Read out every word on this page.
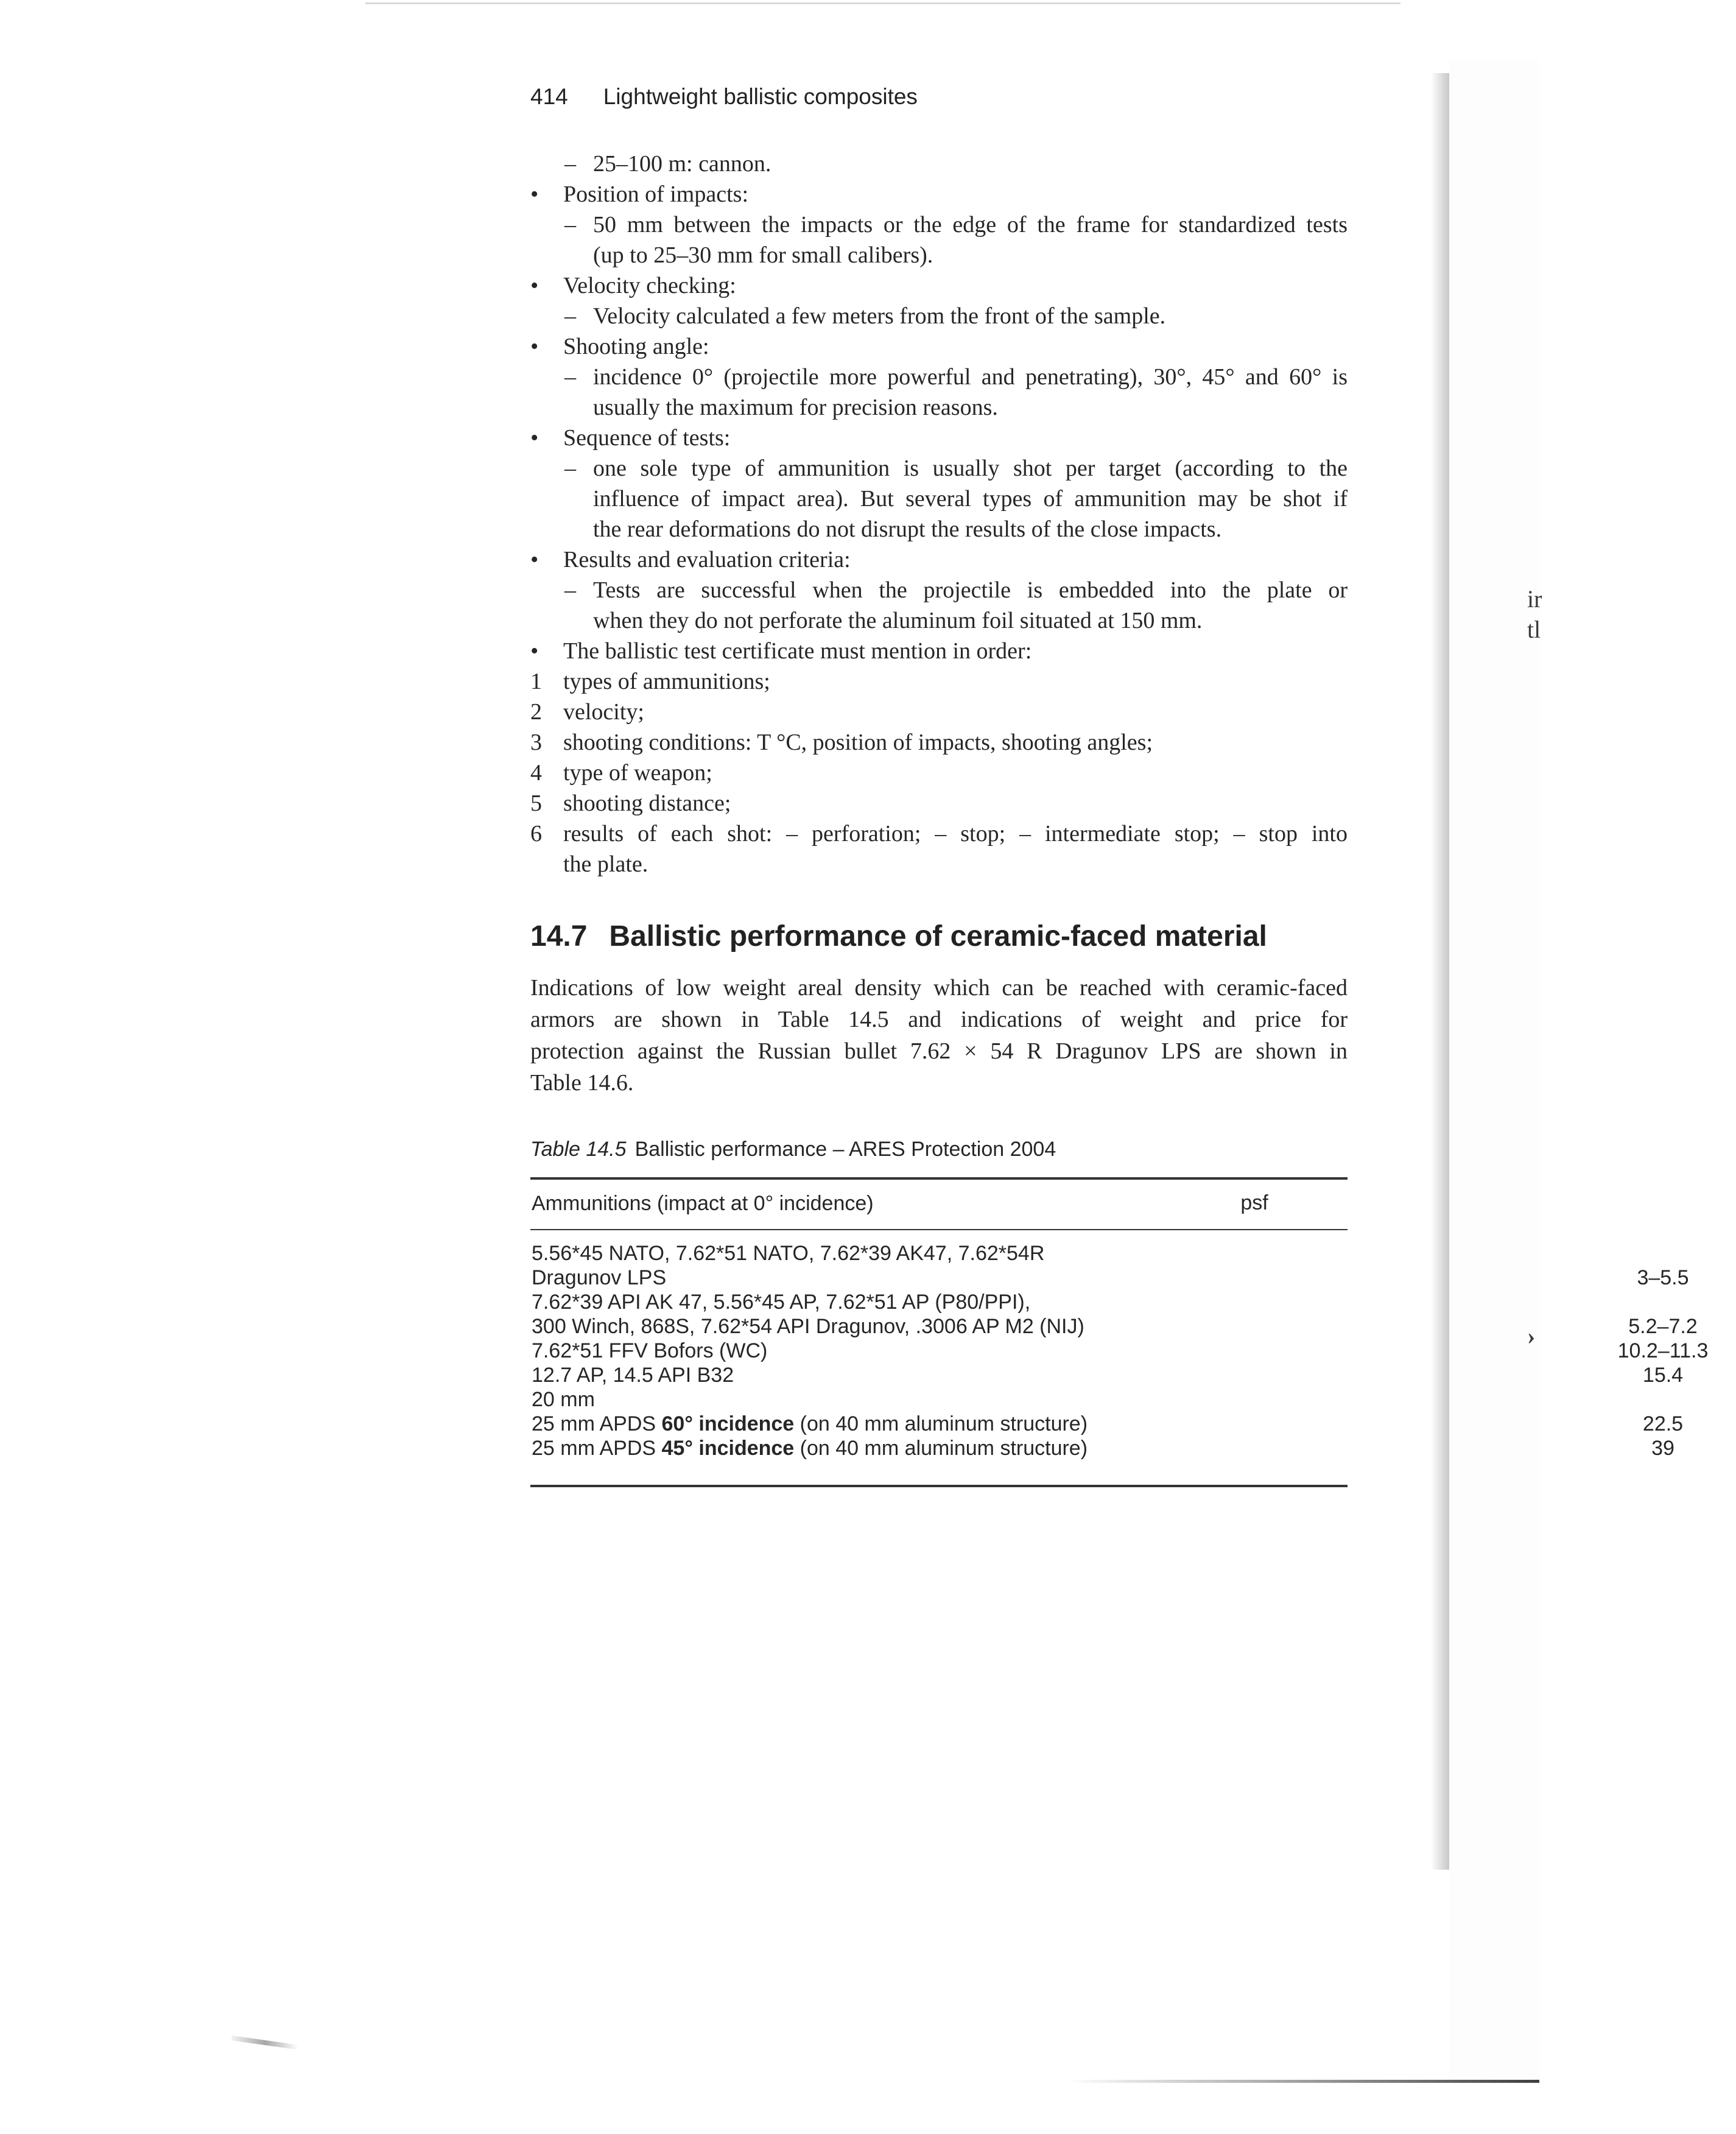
ir
tl
›
414 Lightweight ballistic composites
– 25–100 m: cannon.
• Position of impacts:
– 50 mm between the impacts or the edge of the frame for standardized tests
(up to 25–30 mm for small calibers).
• Velocity checking:
– Velocity calculated a few meters from the front of the sample.
• Shooting angle:
– incidence 0° (projectile more powerful and penetrating), 30°, 45° and 60° is
usually the maximum for precision reasons.
• Sequence of tests:
– one sole type of ammunition is usually shot per target (according to the
influence of impact area). But several types of ammunition may be shot if
the rear deformations do not disrupt the results of the close impacts.
• Results and evaluation criteria:
– Tests are successful when the projectile is embedded into the plate or
when they do not perforate the aluminum foil situated at 150 mm.
• The ballistic test certificate must mention in order:
1 types of ammunitions;
2 velocity;
3 shooting conditions: T °C, position of impacts, shooting angles;
4 type of weapon;
5 shooting distance;
6 results of each shot: – perforation; – stop; – intermediate stop; – stop into
the plate.
14.7 Ballistic performance of ceramic-faced material
Indications of low weight areal density which can be reached with ceramic-faced
armors are shown in Table 14.5 and indications of weight and price for
protection against the Russian bullet 7.62 × 54 R Dragunov LPS are shown in
Table 14.6.
Table 14.5 Ballistic performance – ARES Protection 2004
Ammunitions (impact at 0° incidence)	psf
5.56*45 NATO, 7.62*51 NATO, 7.62*39 AK47, 7.62*54R
Dragunov LPS	3–5.5
7.62*39 API AK 47, 5.56*45 AP, 7.62*51 AP (P80/PPI),
300 Winch, 868S, 7.62*54 API Dragunov, .3006 AP M2 (NIJ)	5.2–7.2
7.62*51 FFV Bofors (WC)	10.2–11.3
12.7 AP, 14.5 API B32	15.4
20 mm
25 mm APDS 60° incidence (on 40 mm aluminum structure)	22.5
25 mm APDS 45° incidence (on 40 mm aluminum structure)	39
